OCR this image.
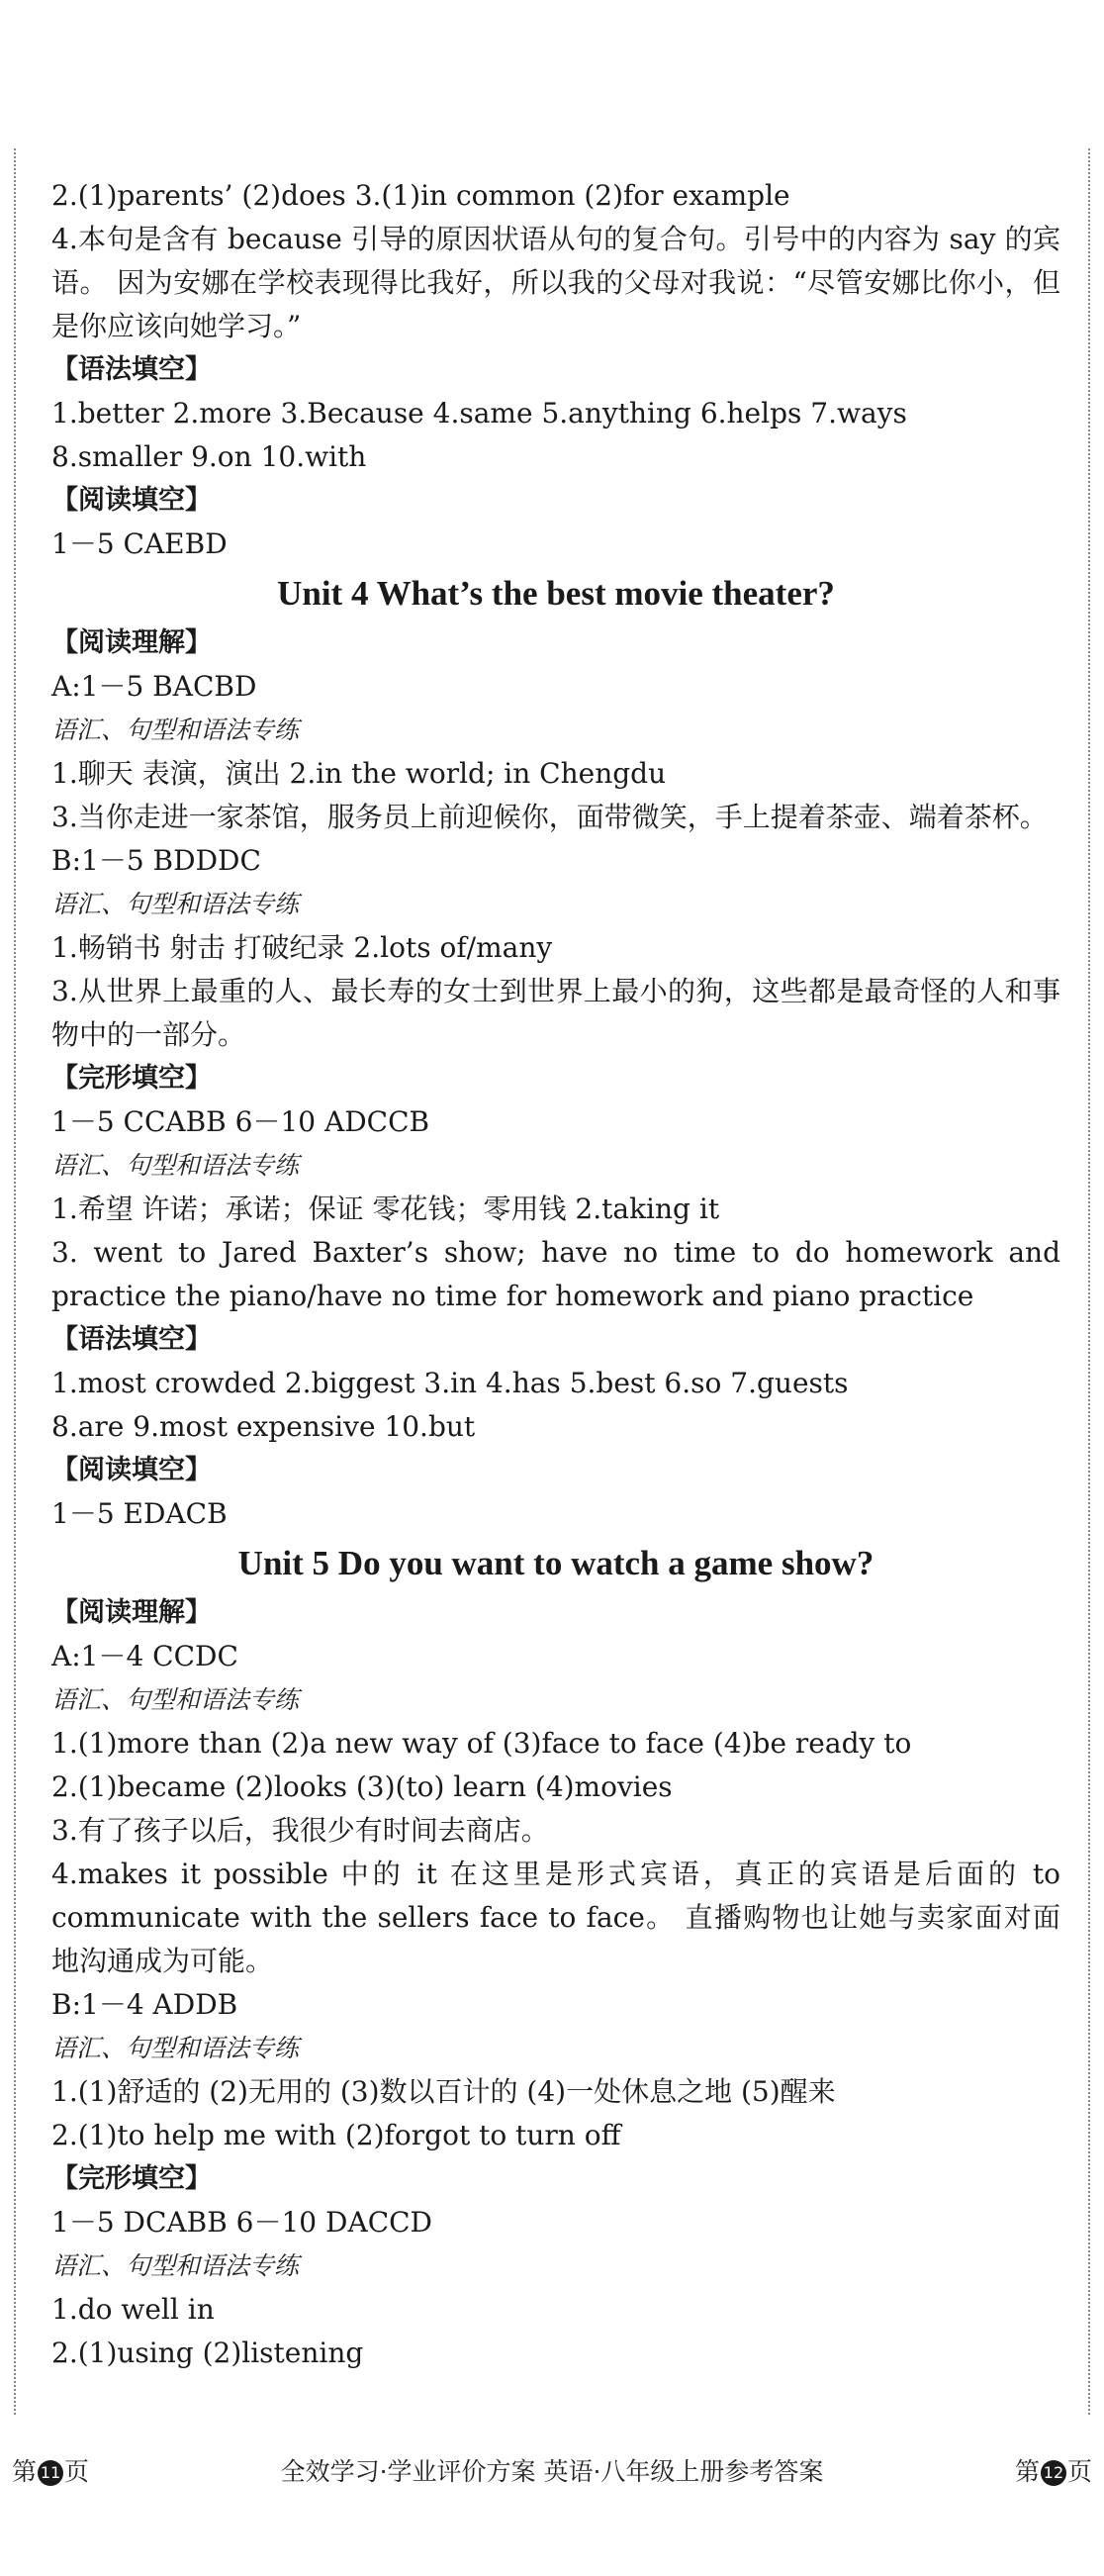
2.(1)parents’ (2)does 3.(1)in common (2)for example
4.本句是含有 because 引导的原因状语从句的复合句。引号中的内容为 say 的宾语。 因为安娜在学校表现得比我好，所以我的父母对我说：“尽管安娜比你小，但是你应该向她学习。”
【语法填空】
1.better 2.more 3.Because 4.same 5.anything 6.helps 7.ways
8.smaller 9.on 10.with
【阅读填空】
1－5 CAEBD
Unit 4 What’s the best movie theater?
【阅读理解】
A:1－5 BACBD
语汇、句型和语法专练
1.聊天 表演，演出 2.in the world; in Chengdu
3.当你走进一家茶馆，服务员上前迎候你，面带微笑，手上提着茶壶、端着茶杯。
B:1－5 BDDDC
语汇、句型和语法专练
1.畅销书 射击 打破纪录 2.lots of/many
3.从世界上最重的人、最长寿的女士到世界上最小的狗，这些都是最奇怪的人和事物中的一部分。
【完形填空】
1－5 CCABB 6－10 ADCCB
语汇、句型和语法专练
1.希望 许诺；承诺；保证 零花钱；零用钱 2.taking it
3. went to Jared Baxter’s show; have no time to do homework and practice the piano/have no time for homework and piano practice
【语法填空】
1.most crowded 2.biggest 3.in 4.has 5.best 6.so 7.guests
8.are 9.most expensive 10.but
【阅读填空】
1－5 EDACB
Unit 5 Do you want to watch a game show?
【阅读理解】
A:1－4 CCDC
语汇、句型和语法专练
1.(1)more than (2)a new way of (3)face to face (4)be ready to
2.(1)became (2)looks (3)(to) learn (4)movies
3.有了孩子以后，我很少有时间去商店。
4.makes it possible 中的 it 在这里是形式宾语，真正的宾语是后面的 to communicate with the sellers face to face。 直播购物也让她与卖家面对面地沟通成为可能。
B:1－4 ADDB
语汇、句型和语法专练
1.(1)舒适的 (2)无用的 (3)数以百计的 (4)一处休息之地 (5)醒来
2.(1)to help me with (2)forgot to turn off
【完形填空】
1－5 DCABB 6－10 DACCD
语汇、句型和语法专练
1.do well in
2.(1)using (2)listening
第 11 页	全效学习·学业评价方案 英语·八年级上册参考答案	第 12 页
